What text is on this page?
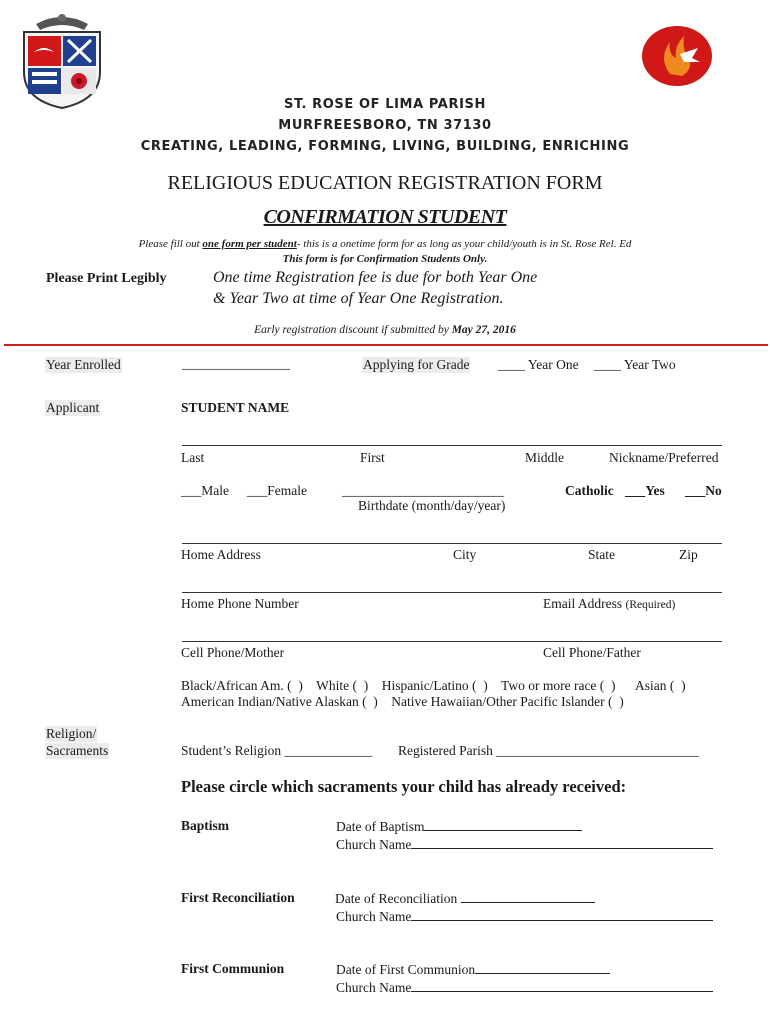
ST. ROSE OF LIMA PARISH
MURFREESBORO, TN 37130
CREATING, LEADING, FORMING, LIVING, BUILDING, ENRICHING
RELIGIOUS EDUCATION REGISTRATION FORM
CONFIRMATION STUDENT
Please fill out one form per student- this is a onetime form for as long as your child/youth is in St. Rose Rel. Ed
This form is for Confirmation Students Only.
Please Print Legibly	One time Registration fee is due for both Year One
& Year Two at time of Year One Registration.
Early registration discount if submitted by May 27, 2016
Year Enrolled	________________	Applying for Grade ____ Year One ____ Year Two
Applicant	STUDENT NAME
Last	First	Middle	Nickname/Preferred
___Male ___Female	________________________
Birthdate (month/day/year)
Catholic ___Yes ___No
Home Address	City	State	Zip
Home Phone Number	Email Address (Required)
Cell Phone/Mother	Cell Phone/Father
Black/African Am. (  )    White (  )    Hispanic/Latino (  )    Two or more race (  )      Asian (  )
American Indian/Native Alaskan (  )    Native Hawaiian/Other Pacific Islander (  )
Religion/
Sacraments	Student’s Religion _____________ Registered Parish ______________________________
Please circle which sacraments your child has already received:
Baptism	Date of Baptism
Church Name
First Reconciliation	Date of Reconciliation
Church Name
First Communion	Date of First Communion
Church Name
